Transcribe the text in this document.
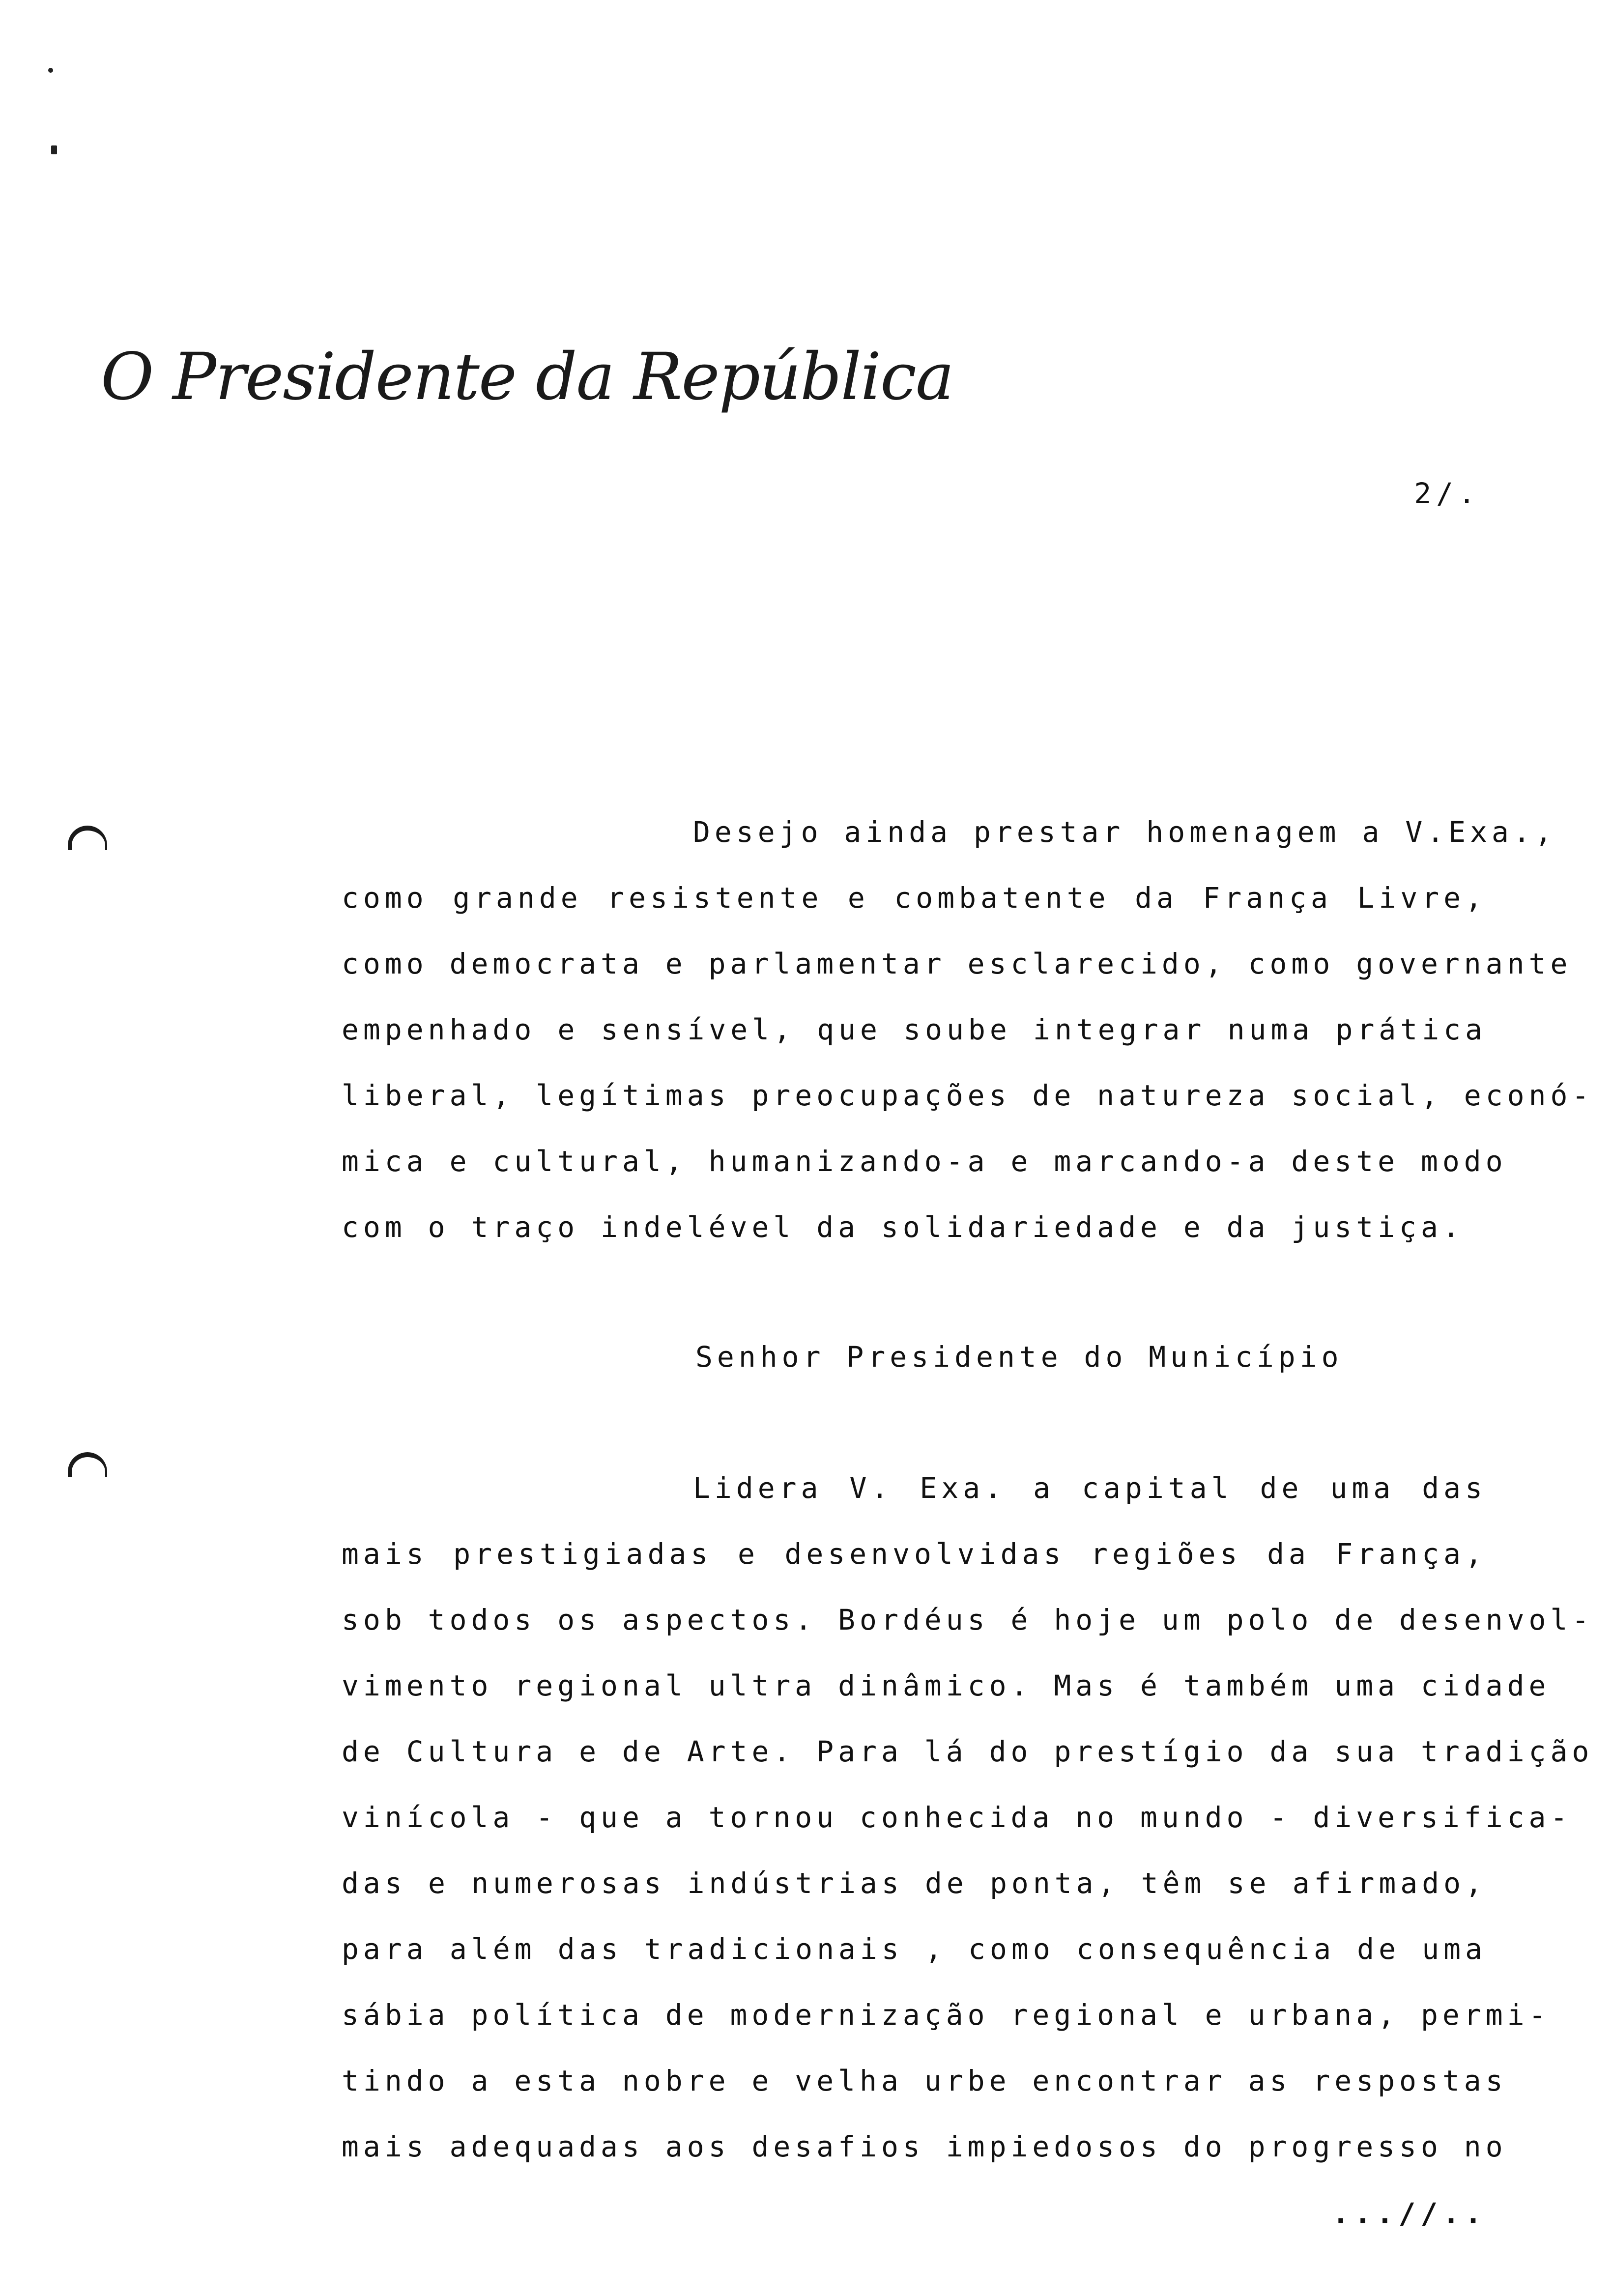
O Presidente da República
2/.
Desejo ainda prestar homenagem a V.Exa.,
como grande resistente e combatente da França Livre,
como democrata e parlamentar esclarecido, como governante
empenhado e sensível, que soube integrar numa prática
liberal, legítimas preocupações de natureza social, econó-
mica e cultural, humanizando-a e marcando-a deste modo
com o traço indelével da solidariedade e da justiça.
Senhor Presidente do Município
Lidera V. Exa. a capital de uma das
mais prestigiadas e desenvolvidas regiões da França,
sob todos os aspectos. Bordéus é hoje um polo de desenvol-
vimento regional ultra dinâmico. Mas é também uma cidade
de Cultura e de Arte. Para lá do prestígio da sua tradição
vinícola - que a tornou conhecida no mundo - diversifica-
das e numerosas indústrias de ponta, têm se afirmado,
para além das tradicionais , como consequência de uma
sábia política de modernização regional e urbana, permi-
tindo a esta nobre e velha urbe encontrar as respostas
mais adequadas aos desafios impiedosos do progresso no
...//..
